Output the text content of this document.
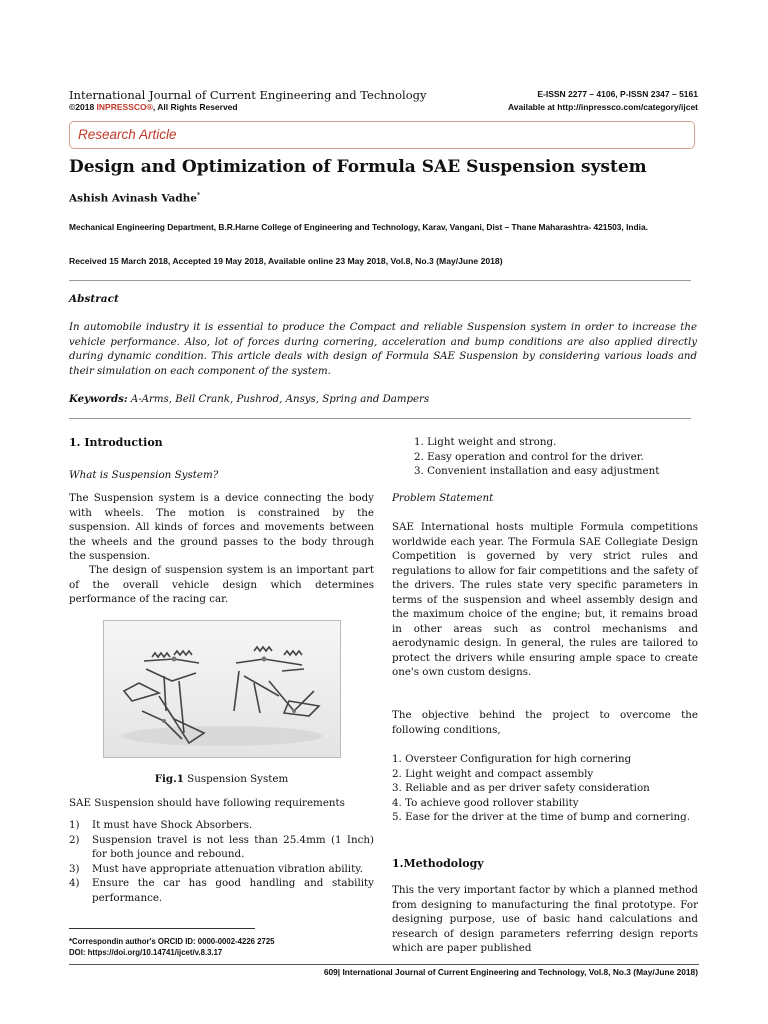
International Journal of Current Engineering and Technology
©2018 INPRESSCO®, All Rights Reserved
E-ISSN 2277 – 4106, P-ISSN 2347 – 5161
Available at http://inpressco.com/category/ijcet
Research Article
Design and Optimization of Formula SAE Suspension system
Ashish Avinash Vadhe*
Mechanical Engineering Department, B.R.Harne College of Engineering and Technology, Karav, Vangani, Dist – Thane Maharashtra- 421503, India.
Received 15 March 2018, Accepted 19 May 2018, Available online 23 May 2018, Vol.8, No.3 (May/June 2018)
Abstract
In automobile industry it is essential to produce the Compact and reliable Suspension system in order to increase the vehicle performance. Also, lot of forces during cornering, acceleration and bump conditions are also applied directly during dynamic condition. This article deals with design of Formula SAE Suspension by considering various loads and their simulation on each component of the system.
Keywords: A-Arms, Bell Crank, Pushrod, Ansys, Spring and Dampers
1. Introduction
What is Suspension System?
The Suspension system is a device connecting the body with wheels. The motion is constrained by the suspension. All kinds of forces and movements between the wheels and the ground passes to the body through the suspension.
The design of suspension system is an important part of the overall vehicle design which determines performance of the racing car.
Fig.1 Suspension System
SAE Suspension should have following requirements
1) It must have Shock Absorbers.
2) Suspension travel is not less than 25.4mm (1 Inch) for both jounce and rebound.
3) Must have appropriate attenuation vibration ability.
4) Ensure the car has good handling and stability performance.
*Correspondin author's ORCID ID: 0000-0002-4226 2725
DOI: https://doi.org/10.14741/ijcet/v.8.3.17
1. Light weight and strong.
2. Easy operation and control for the driver.
3. Convenient installation and easy adjustment
Problem Statement
SAE International hosts multiple Formula competitions worldwide each year. The Formula SAE Collegiate Design Competition is governed by very strict rules and regulations to allow for fair competitions and the safety of the drivers. The rules state very specific parameters in terms of the suspension and wheel assembly design and the maximum choice of the engine; but, it remains broad in other areas such as control mechanisms and aerodynamic design. In general, the rules are tailored to protect the drivers while ensuring ample space to create one's own custom designs.
The objective behind the project to overcome the following conditions,
1. Oversteer Configuration for high cornering
2. Light weight and compact assembly
3. Reliable and as per driver safety consideration
4. To achieve good rollover stability
5. Ease for the driver at the time of bump and cornering.
1.Methodology
This the very important factor by which a planned method from designing to manufacturing the final prototype. For designing purpose, use of basic hand calculations and research of design parameters referring design reports which are paper published
609| International Journal of Current Engineering and Technology, Vol.8, No.3 (May/June 2018)
